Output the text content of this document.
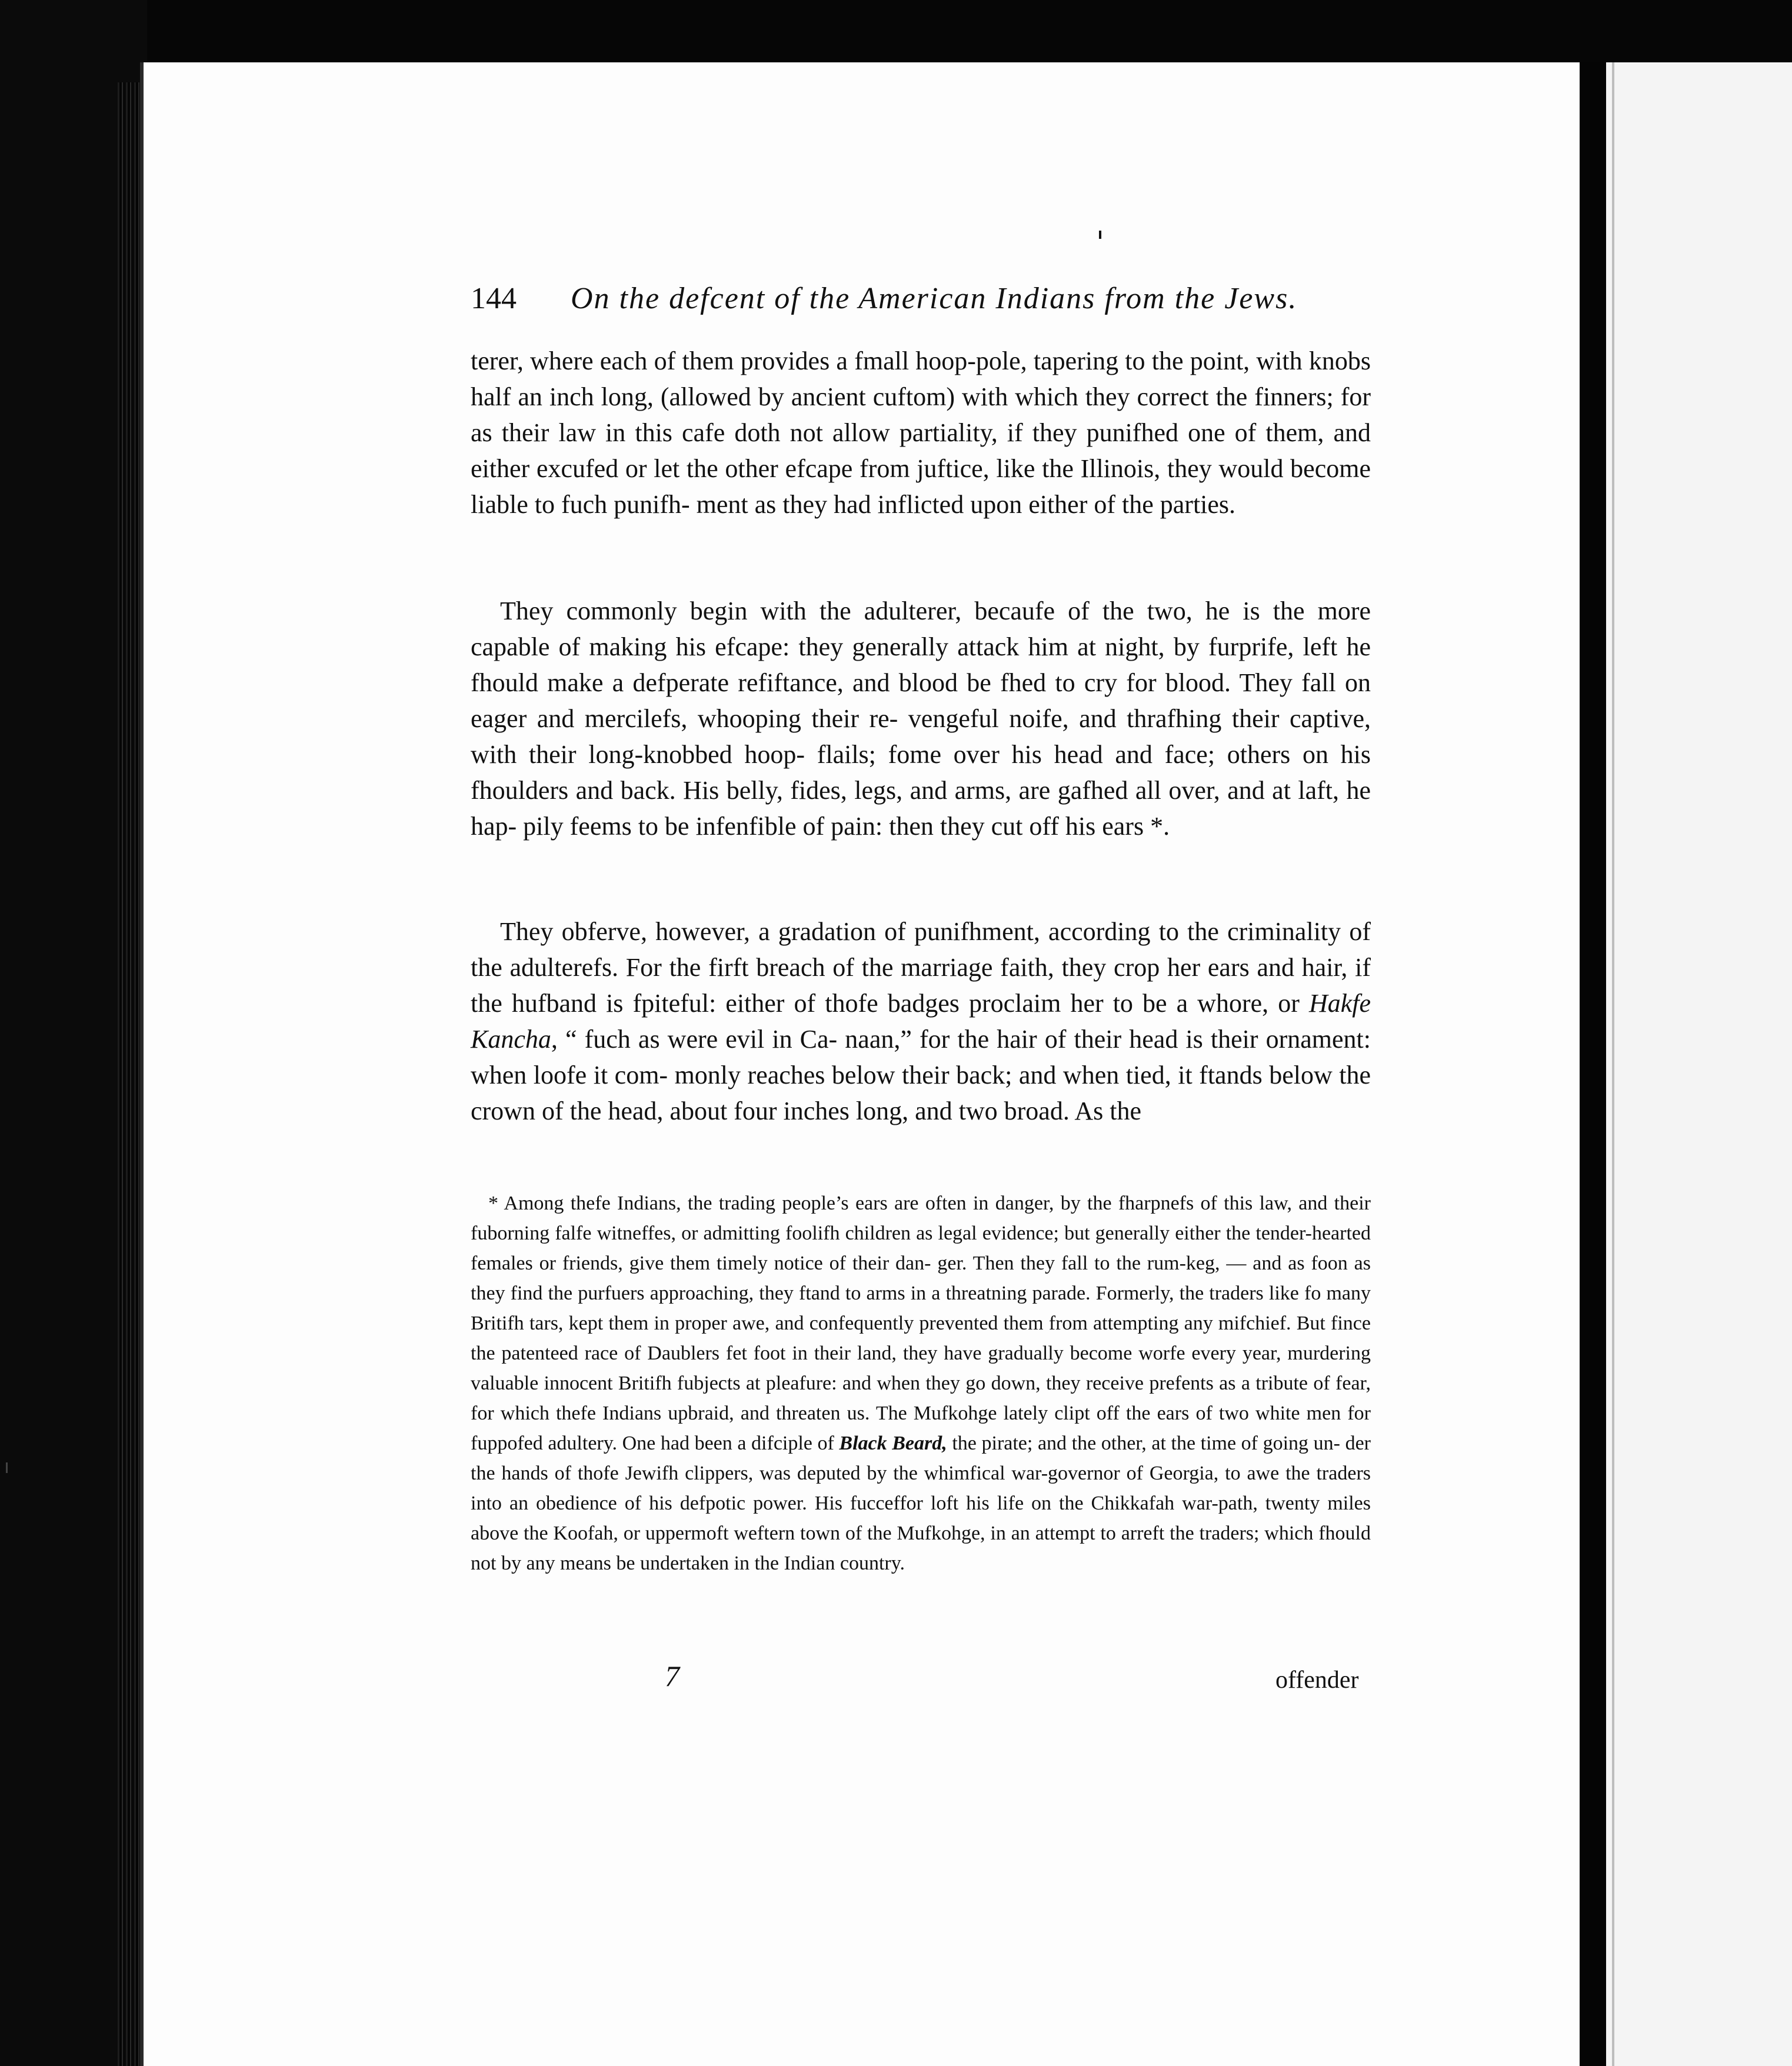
144 On the defcent of the American Indians from the Jews.

terer, where each of them provides a fmall hoop-pole, tapering to the point, with knobs half an inch long, (allowed by ancient cuftom) with which they correct the finners; for as their law in this cafe doth not allow partiality, if they punifhed one of them, and either excufed or let the other efcape from juftice, like the Illinois, they would become liable to fuch punifh- ment as they had inflicted upon either of the parties.

They commonly begin with the adulterer, becaufe of the two, he is the more capable of making his efcape: they generally attack him at night, by furprife, left he fhould make a defperate refiftance, and blood be fhed to cry for blood. They fall on eager and mercilefs, whooping their re- vengeful noife, and thrafhing their captive, with their long-knobbed hoop- flails; fome over his head and face; others on his fhoulders and back. His belly, fides, legs, and arms, are gafhed all over, and at laft, he hap- pily feems to be infenfible of pain: then they cut off his ears *.

They obferve, however, a gradation of punifhment, according to the criminality of the adulterefs. For the firft breach of the marriage faith, they crop her ears and hair, if the hufband is fpiteful: either of thofe badges proclaim her to be a whore, or Hakfe Kancha, “ fuch as were evil in Ca- naan,” for the hair of their head is their ornament: when loofe it com- monly reaches below their back; and when tied, it ftands below the crown of the head, about four inches long, and two broad. As the

* Among thefe Indians, the trading people’s ears are often in danger, by the fharpnefs of this law, and their fuborning falfe witneffes, or admitting foolifh children as legal evidence; but generally either the tender-hearted females or friends, give them timely notice of their dan- ger. Then they fall to the rum-keg, — and as foon as they find the purfuers approaching, they ftand to arms in a threatning parade. Formerly, the traders like fo many Britifh tars, kept them in proper awe, and confequently prevented them from attempting any mifchief. But fince the patenteed race of Daublers fet foot in their land, they have gradually become worfe every year, murdering valuable innocent Britifh fubjects at pleafure: and when they go down, they receive prefents as a tribute of fear, for which thefe Indians upbraid, and threaten us. The Mufkohge lately clipt off the ears of two white men for fuppofed adultery. One had been a difciple of Black Beard, the pirate; and the other, at the time of going un- der the hands of thofe Jewifh clippers, was deputed by the whimfical war-governor of Georgia, to awe the traders into an obedience of his defpotic power. His fucceffor loft his life on the Chikkafah war-path, twenty miles above the Koofah, or uppermoft weftern town of the Mufkohge, in an attempt to arreft the traders; which fhould not by any means be undertaken in the Indian country.

7	offender
